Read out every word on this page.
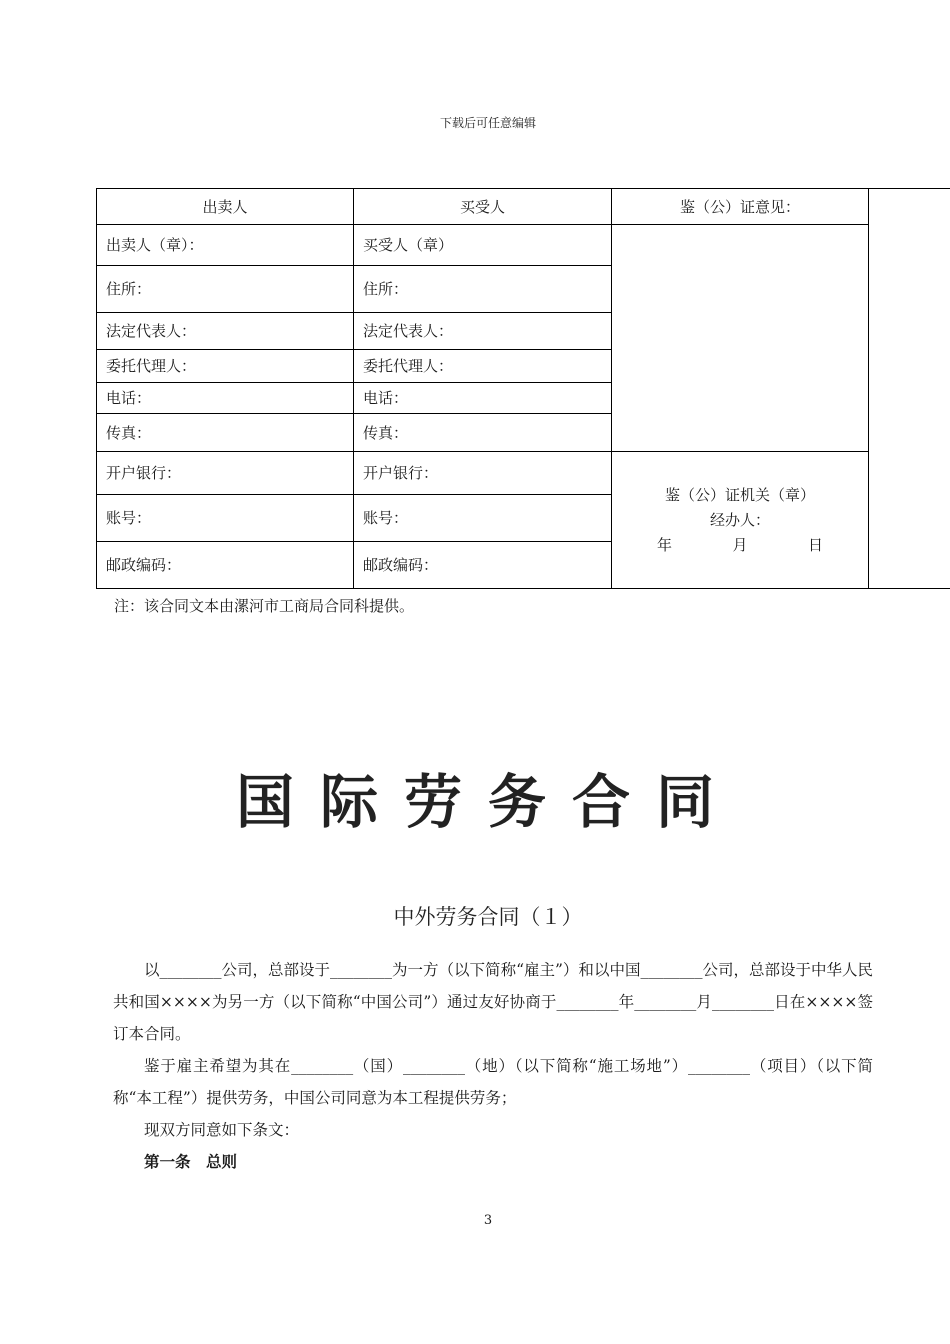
下载后可任意编辑
出卖人	买受人	鉴（公）证意见：	
出卖人（章）：	买受人（章）		
住所：	住所：		
法定代表人：	法定代表人：		
委托代理人：	委托代理人：		
电话：	电话：		
传真：	传真：		
开户银行：	开户银行：	鉴（公）证机关（章）
经办人：
年 月 日	

账号：	账号：		
邮政编码：	邮政编码：		
注：该合同文本由漯河市工商局合同科提供。
国际劳务合同
中外劳务合同（１）

以________公司，总部设于________为一方（以下简称“雇主”）和以中国________公司，总部设于中华人民共和国××××为另一方（以下简称“中国公司”）通过友好协商于________年________月________日在××××签订本合同。

鉴于雇主希望为其在________（国）________（地）（以下简称“施工场地”）________（项目）（以下简称“本工程”）提供劳务，中国公司同意为本工程提供劳务；

现双方同意如下条文：

第一条　总则

3
